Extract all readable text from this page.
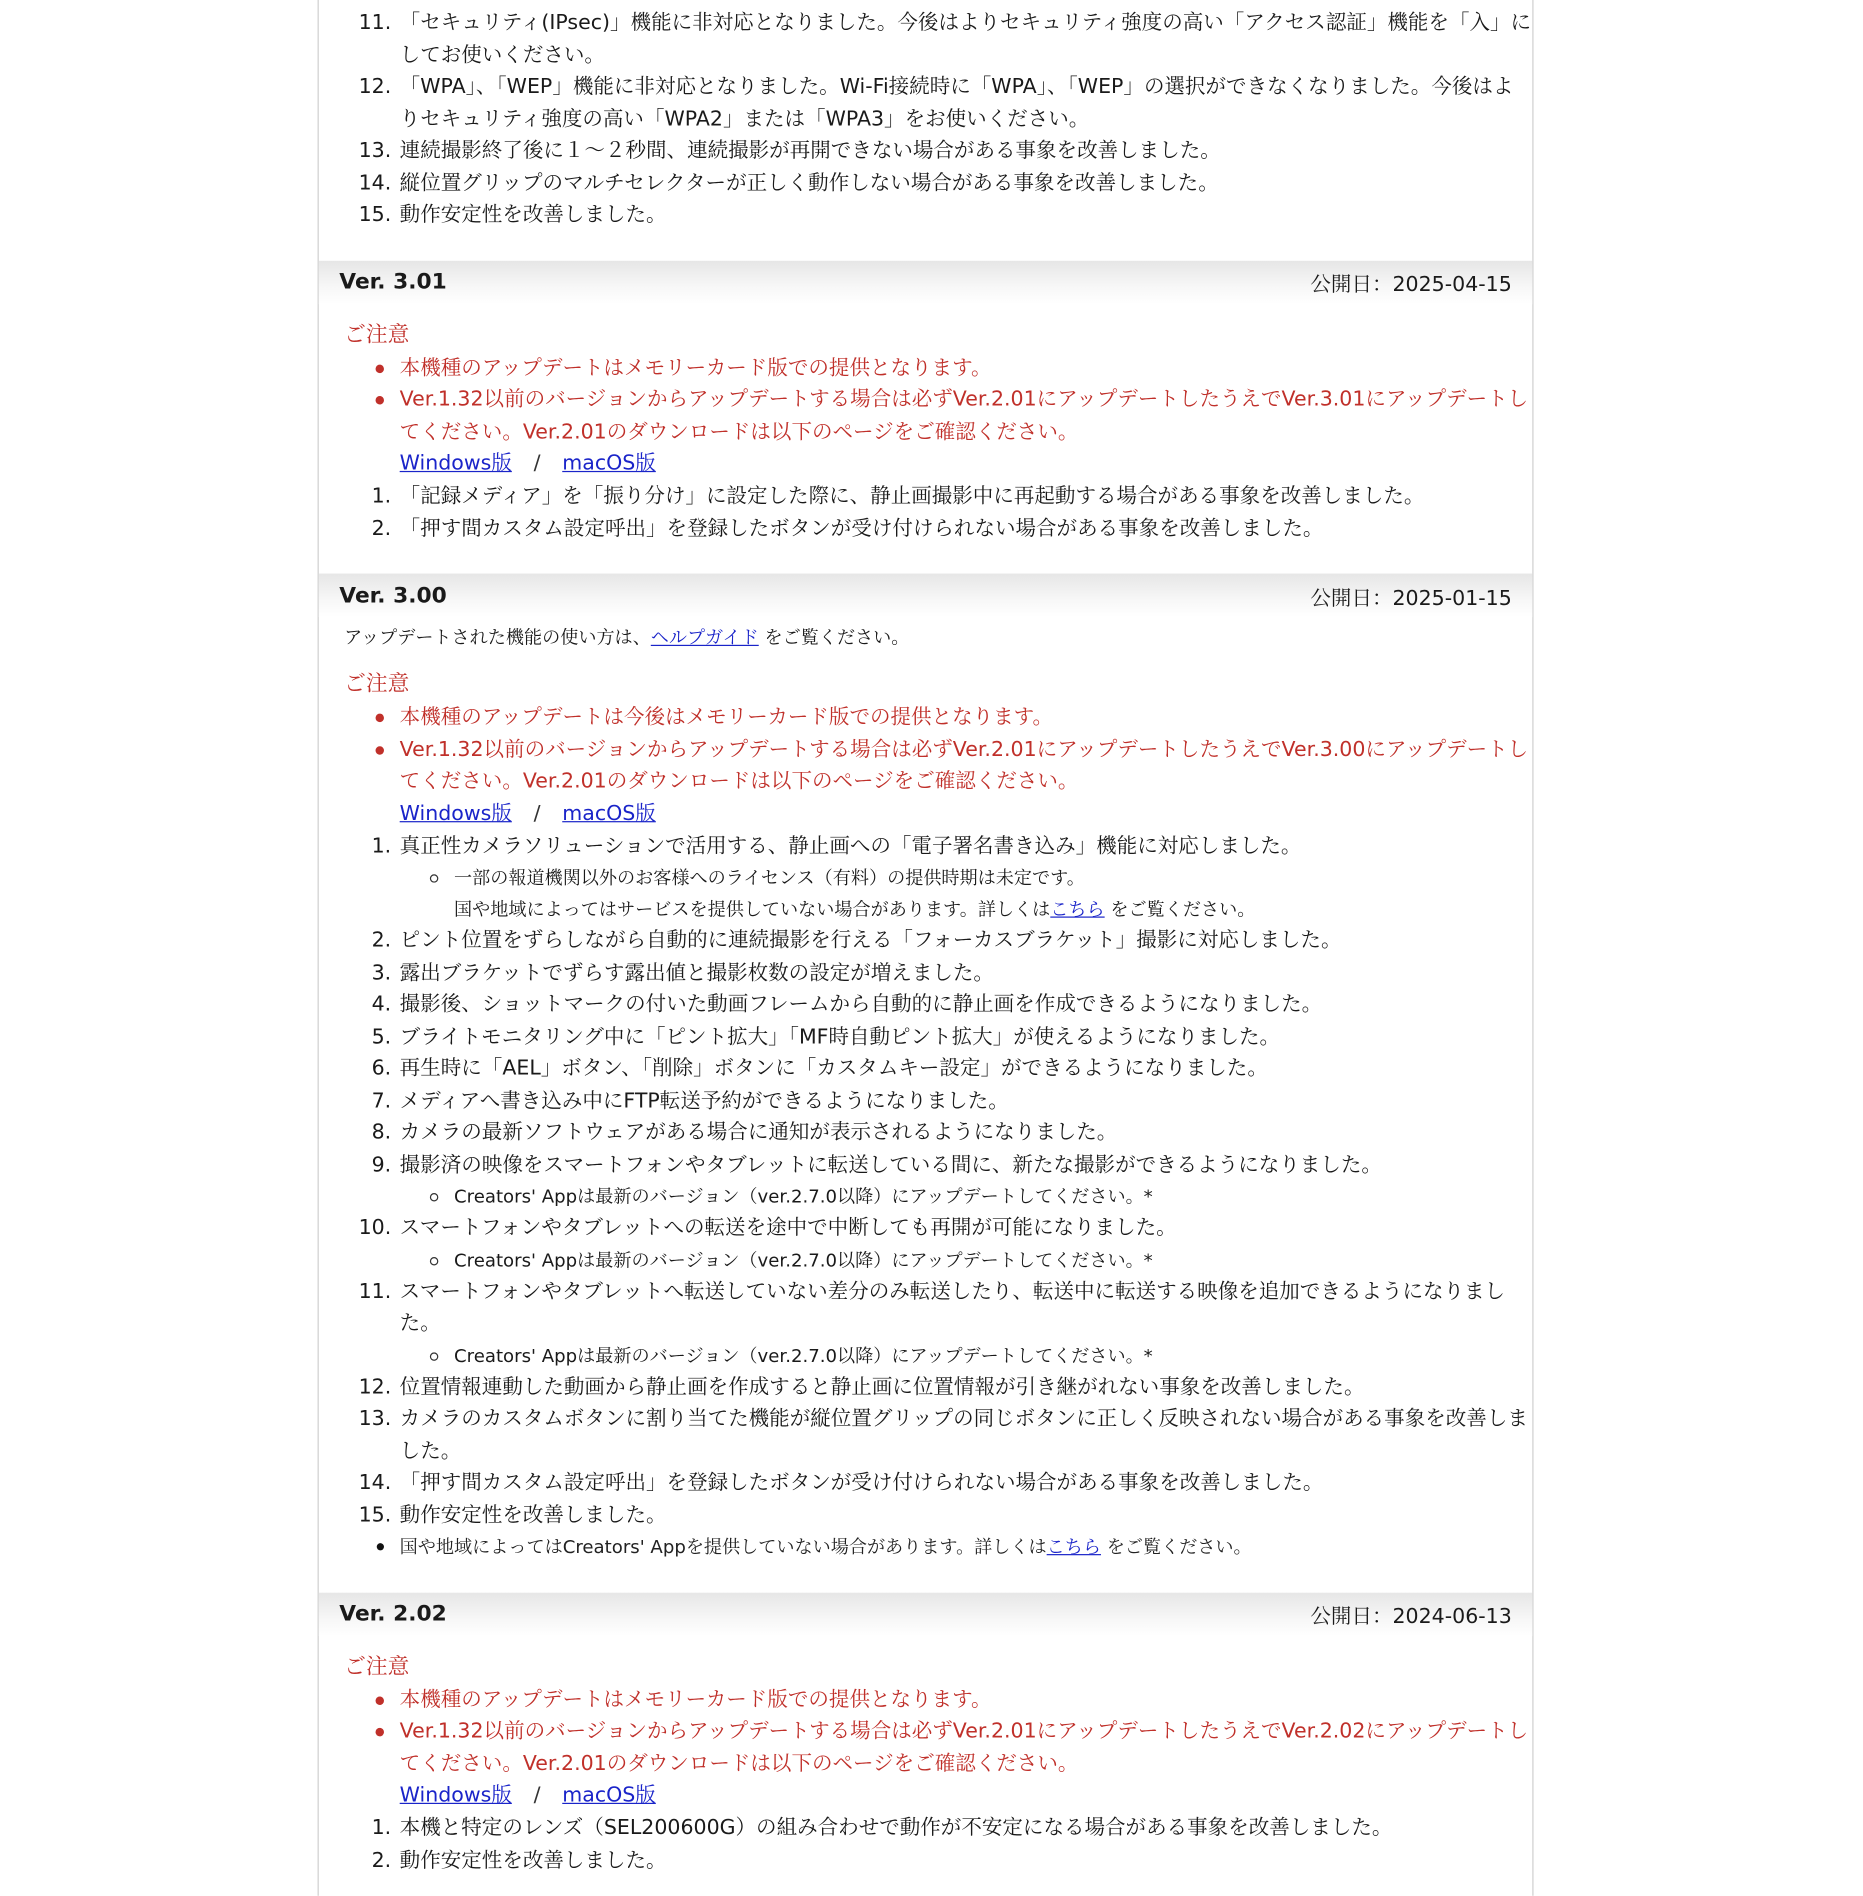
11. 「セキュリティ(IPsec)」機能に非対応となりました。今後はよりセキュリティ強度の高い「アクセス認証」機能を「入」にしてお使いください。
12. 「WPA」、「WEP」機能に非対応となりました。Wi-Fi接続時に「WPA」、「WEP」の選択ができなくなりました。今後はよりセキュリティ強度の高い「WPA2」または「WPA3」をお使いください。
13. 連続撮影終了後に１～２秒間、連続撮影が再開できない場合がある事象を改善しました。
14. 縦位置グリップのマルチセレクターが正しく動作しない場合がある事象を改善しました。
15. 動作安定性を改善しました。
Ver. 3.01	公開日：2025-04-15
ご注意
本機種のアップデートはメモリーカード版での提供となります。
Ver.1.32以前のバージョンからアップデートする場合は必ずVer.2.01にアップデートしたうえでVer.3.01にアップデートしてください。Ver.2.01のダウンロードは以下のページをご確認ください。
Windows版 / macOS版
1. 「記録メディア」を「振り分け」に設定した際に、静止画撮影中に再起動する場合がある事象を改善しました。
2. 「押す間カスタム設定呼出」を登録したボタンが受け付けられない場合がある事象を改善しました。
Ver. 3.00	公開日：2025-01-15
アップデートされた機能の使い方は、ヘルプガイド をご覧ください。
ご注意
本機種のアップデートは今後はメモリーカード版での提供となります。
Ver.1.32以前のバージョンからアップデートする場合は必ずVer.2.01にアップデートしたうえでVer.3.00にアップデートしてください。Ver.2.01のダウンロードは以下のページをご確認ください。
Windows版 / macOS版
1. 真正性カメラソリューションで活用する、静止画への「電子署名書き込み」機能に対応しました。
一部の報道機関以外のお客様へのライセンス（有料）の提供時期は未定です。
国や地域によってはサービスを提供していない場合があります。詳しくはこちら をご覧ください。
2. ピント位置をずらしながら自動的に連続撮影を行える「フォーカスブラケット」撮影に対応しました。
3. 露出ブラケットでずらす露出値と撮影枚数の設定が増えました。
4. 撮影後、ショットマークの付いた動画フレームから自動的に静止画を作成できるようになりました。
5. ブライトモニタリング中に「ピント拡大」「MF時自動ピント拡大」が使えるようになりました。
6. 再生時に「AEL」ボタン、「削除」ボタンに「カスタムキー設定」ができるようになりました。
7. メディアへ書き込み中にFTP転送予約ができるようになりました。
8. カメラの最新ソフトウェアがある場合に通知が表示されるようになりました。
9. 撮影済の映像をスマートフォンやタブレットに転送している間に、新たな撮影ができるようになりました。
Creators' Appは最新のバージョン（ver.2.7.0以降）にアップデートしてください。*
10. スマートフォンやタブレットへの転送を途中で中断しても再開が可能になりました。
Creators' Appは最新のバージョン（ver.2.7.0以降）にアップデートしてください。*
11. スマートフォンやタブレットへ転送していない差分のみ転送したり、転送中に転送する映像を追加できるようになりました。
Creators' Appは最新のバージョン（ver.2.7.0以降）にアップデートしてください。*
12. 位置情報連動した動画から静止画を作成すると静止画に位置情報が引き継がれない事象を改善しました。
13. カメラのカスタムボタンに割り当てた機能が縦位置グリップの同じボタンに正しく反映されない場合がある事象を改善しました。
14. 「押す間カスタム設定呼出」を登録したボタンが受け付けられない場合がある事象を改善しました。
15. 動作安定性を改善しました。
国や地域によってはCreators' Appを提供していない場合があります。詳しくはこちら をご覧ください。
Ver. 2.02	公開日：2024-06-13
ご注意
本機種のアップデートはメモリーカード版での提供となります。
Ver.1.32以前のバージョンからアップデートする場合は必ずVer.2.01にアップデートしたうえでVer.2.02にアップデートしてください。Ver.2.01のダウンロードは以下のページをご確認ください。
Windows版 / macOS版
1. 本機と特定のレンズ（SEL200600G）の組み合わせで動作が不安定になる場合がある事象を改善しました。
2. 動作安定性を改善しました。
